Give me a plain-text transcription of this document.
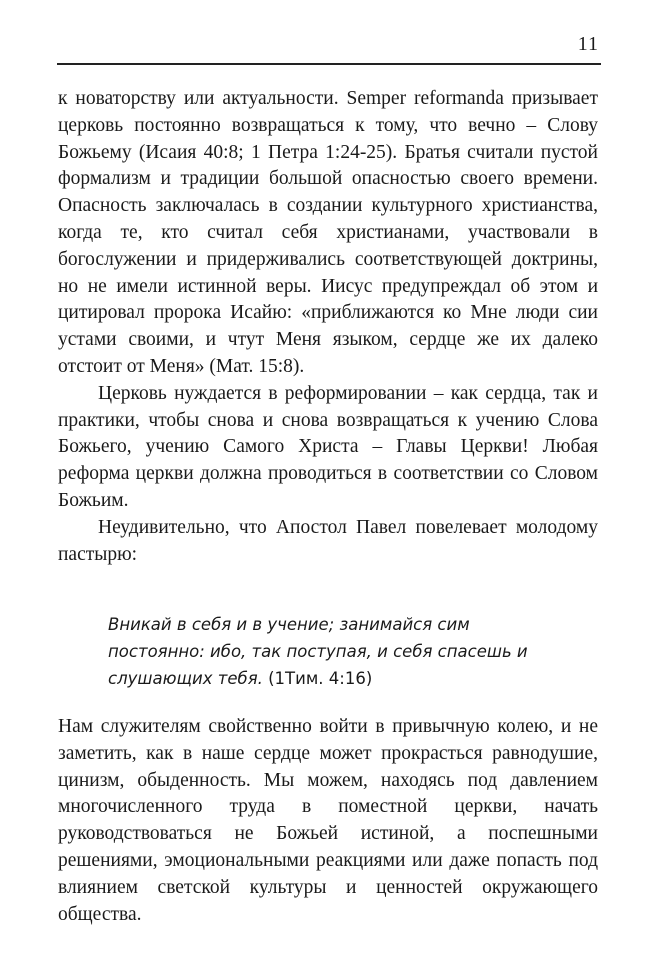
11

к новаторству или актуальности. Semper reformanda призывает церковь постоянно возвращаться к тому, что вечно – Слову Божьему (Исаия 40:8; 1 Петра 1:24-25). Братья считали пустой формализм и традиции большой опасностью своего времени. Опасность заключалась в создании культурного христианства, когда те, кто считал себя христианами, участвовали в богослужении и придерживались соответствующей доктрины, но не имели истинной веры. Иисус предупреждал об этом и цитировал пророка Исайю: «приближаются ко Мне люди сии устами своими, и чтут Меня языком, сердце же их далеко отстоит от Меня» (Мат. 15:8).

Церковь нуждается в реформировании – как сердца, так и практики, чтобы снова и снова возвращаться к учению Слова Божьего, учению Самого Христа – Главы Церкви! Любая реформа церкви должна проводиться в соответствии со Словом Божьим.

Неудивительно, что Апостол Павел повелевает молодому пастырю:

Вникай в себя и в учение; занимайся сим постоянно: ибо, так поступая, и себя спасешь и слушающих тебя. (1Тим. 4:16)

Нам служителям свойственно войти в привычную колею, и не заметить, как в наше сердце может прокрасться равнодушие, цинизм, обыденность. Мы можем, находясь под давлением многочисленного труда в поместной церкви, начать руководствоваться не Божьей истиной, а поспешными решениями, эмоциональными реакциями или даже попасть под влиянием светской культуры и ценностей окружающего общества.
